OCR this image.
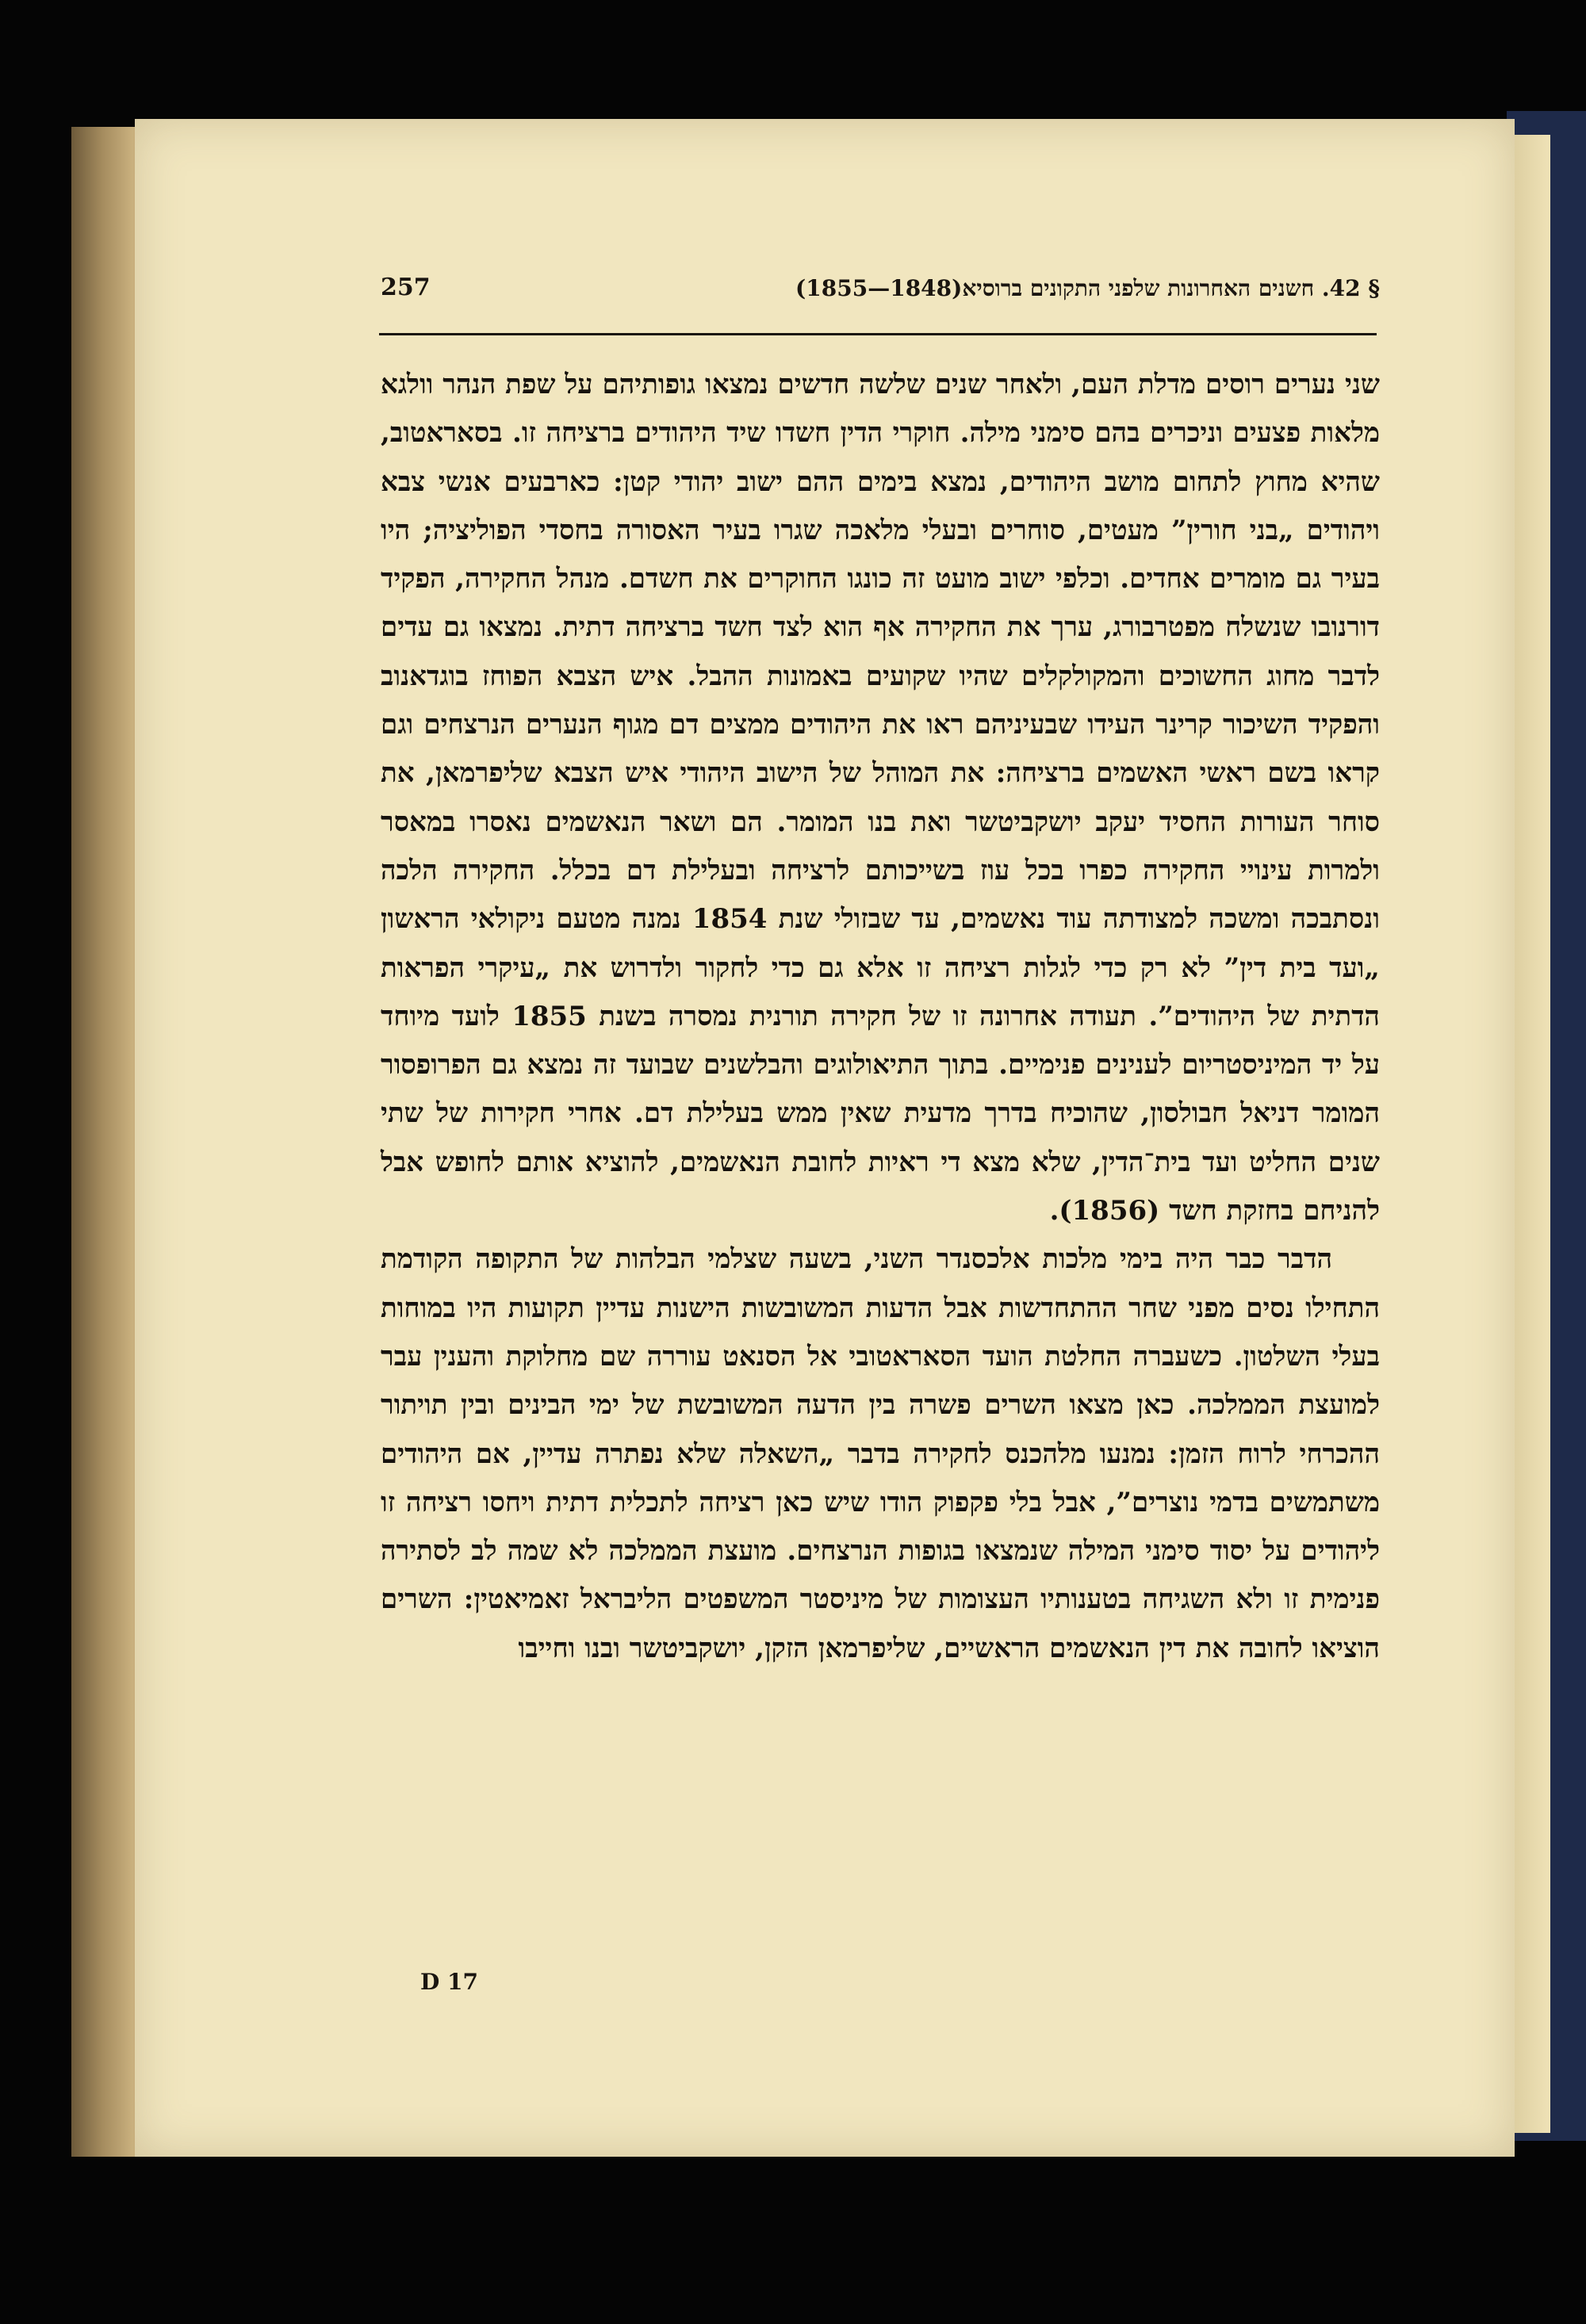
257	§ 42. חשנים האחרונות שלפני התקונים ברוסיא(1848—1855)

שני נערים רוסים מדלת העם, ולאחר שנים שלשה חדשים נמצאו גופותיהם על שפת הנהר וולגא מלאות פצעים וניכרים בהם סימני מילה. חוקרי הדין חשדו שיד היהודים ברציחה זו. בסאראטוב, שהיא מחוץ לתחום מושב היהודים, נמצא בימים ההם ישוב יהודי קטן: כארבעים אנשי צבא ויהודים „בני חורין” מעטים, סוחרים ובעלי מלאכה שגרו בעיר האסורה בחסדי הפוליציה; היו בעיר גם מומרים אחדים. וכלפי ישוב מועט זה כונגו החוקרים את חשדם. מנהל החקירה, הפקיד דורנובו שנשלח מפטרבורג, ערך את החקירה אף הוא לצד חשד ברציחה דתית. נמצאו גם עדים לדבר מחוג החשוכים והמקולקלים שהיו שקועים באמונות ההבל. איש הצבא הפוחז בוגדאנוב והפקיד השיכור קרינר העידו שבעיניהם ראו את היהודים ממצים דם מגוף הנערים הנרצחים וגם קראו בשם ראשי האשמים ברציחה: את המוהל של הישוב היהודי איש הצבא שליפרמאן, את סוחר העורות החסיד יעקב יושקביטשר ואת בנו המומר. הם ושאר הנאשמים נאסרו במאסר ולמרות עינויי החקירה כפרו בכל עוז בשייכותם לרציחה ובעלילת דם בכלל. החקירה הלכה ונסתבכה ומשכה למצודתה עוד נאשמים, עד שבזולי שנת 1854 נמנה מטעם ניקולאי הראשון „ועד בית דין” לא רק כדי לגלות רציחה זו אלא גם כדי לחקור ולדרוש את „עיקרי הפראות הדתית של היהודים”. תעודה אחרונה זו של חקירה תורנית נמסרה בשנת 1855 לועד מיוחד על יד המיניסטריום לענינים פנימיים. בתוך התיאולוגים והבלשנים שבועד זה נמצא גם הפרופסור המומר דניאל חבולסון, שהוכיח בדרך מדעית שאין ממש בעלילת דם. אחרי חקירות של שתי שנים החליט ועד בית־הדין, שלא מצא די ראיות לחובת הנאשמים, להוציא אותם לחופש אבל להניחם בחזקת חשד (1856).

הדבר כבר היה בימי מלכות אלכסנדר השני, בשעה שצלמי הבלהות של התקופה הקודמת התחילו נסים מפני שחר ההתחדשות אבל הדעות המשובשות הישנות עדיין תקועות היו במוחות בעלי השלטון. כשעברה החלטת הועד הסאראטובי אל הסנאט עוררה שם מחלוקת והענין עבר למועצת הממלכה. כאן מצאו השרים פשרה בין הדעה המשובשת של ימי הבינים ובין תויתור ההכרחי לרוח הזמן: נמנעו מלהכנס לחקירה בדבר „השאלה שלא נפתרה עדיין, אם היהודים משתמשים בדמי נוצרים”, אבל בלי פקפוק הודו שיש כאן רציחה לתכלית דתית ויחסו רציחה זו ליהודים על יסוד סימני המילה שנמצאו בגופות הנרצחים. מועצת הממלכה לא שמה לב לסתירה פנימית זו ולא השגיחה בטענותיו העצומות של מיניסטר המשפטים הליבראל זאמיאטין: השרים הוציאו לחובה את דין הנאשמים הראשיים, שליפרמאן הזקן, יושקביטשר ובנו וחייבו

D 17
